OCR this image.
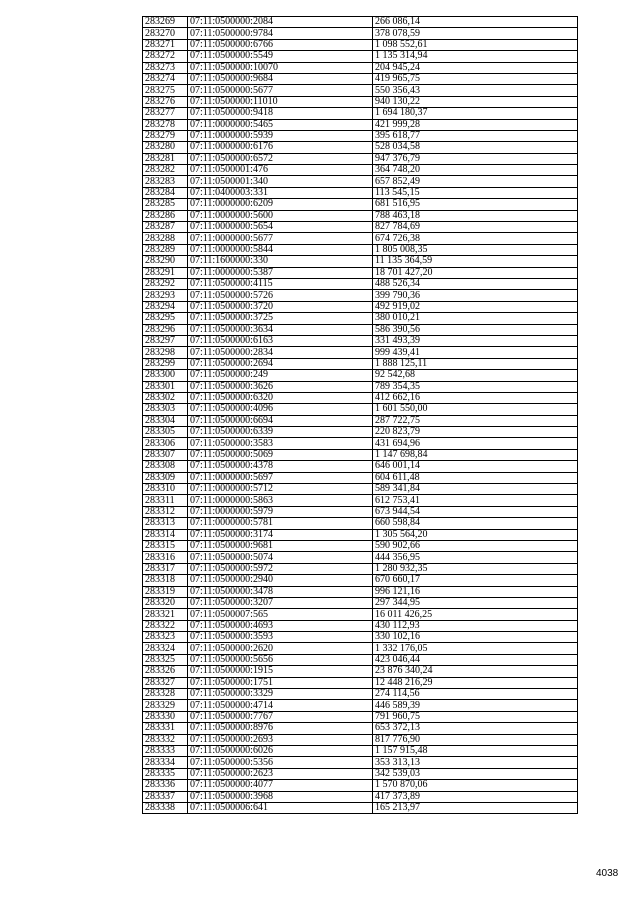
283269	07:11:0500000:2084	266 086,14
283270	07:11:0500000:9784	378 078,59
283271	07:11:0500000:6766	1 098 552,61
283272	07:11:0500000:5549	1 135 314,94
283273	07:11:0500000:10070	204 945,24
283274	07:11:0500000:9684	419 965,75
283275	07:11:0500000:5677	550 356,43
283276	07:11:0500000:11010	940 130,22
283277	07:11:0500000:9418	1 694 180,37
283278	07:11:0000000:5465	421 999,28
283279	07:11:0000000:5939	395 618,77
283280	07:11:0000000:6176	528 034,58
283281	07:11:0500000:6572	947 376,79
283282	07:11:0500001:476	364 748,20
283283	07:11:0500001:340	657 852,49
283284	07:11:0400003:331	113 545,15
283285	07:11:0000000:6209	681 516,95
283286	07:11:0000000:5600	788 463,18
283287	07:11:0000000:5654	827 784,69
283288	07:11:0000000:5677	674 726,38
283289	07:11:0000000:5844	1 805 008,35
283290	07:11:1600000:330	11 135 364,59
283291	07:11:0000000:5387	18 701 427,20
283292	07:11:0500000:4115	488 526,34
283293	07:11:0500000:5726	399 790,36
283294	07:11:0500000:3720	492 919,02
283295	07:11:0500000:3725	380 010,21
283296	07:11:0500000:3634	586 390,56
283297	07:11:0500000:6163	331 493,39
283298	07:11:0500000:2834	999 439,41
283299	07:11:0500000:2694	1 888 125,11
283300	07:11:0500000:249	92 542,68
283301	07:11:0500000:3626	789 354,35
283302	07:11:0500000:6320	412 662,16
283303	07:11:0500000:4096	1 601 550,00
283304	07:11:0500000:6694	287 722,75
283305	07:11:0500000:6339	220 823,79
283306	07:11:0500000:3583	431 694,96
283307	07:11:0500000:5069	1 147 698,84
283308	07:11:0500000:4378	646 001,14
283309	07:11:0000000:5697	604 611,48
283310	07:11:0000000:5712	589 341,84
283311	07:11:0000000:5863	612 753,41
283312	07:11:0000000:5979	673 944,54
283313	07:11:0000000:5781	660 598,84
283314	07:11:0500000:3174	1 305 564,20
283315	07:11:0500000:9681	590 902,66
283316	07:11:0500000:5074	444 356,95
283317	07:11:0500000:5972	1 280 932,35
283318	07:11:0500000:2940	670 660,17
283319	07:11:0500000:3478	996 121,16
283320	07:11:0500000:3207	297 344,95
283321	07:11:0500007:565	16 011 426,25
283322	07:11:0500000:4693	430 112,93
283323	07:11:0500000:3593	330 102,16
283324	07:11:0500000:2620	1 332 176,05
283325	07:11:0500000:5656	423 046,44
283326	07:11:0500000:1915	23 876 340,24
283327	07:11:0500000:1751	12 448 216,29
283328	07:11:0500000:3329	274 114,56
283329	07:11:0500000:4714	446 589,39
283330	07:11:0500000:7767	791 960,75
283331	07:11:0500000:8976	653 372,13
283332	07:11:0500000:2693	817 776,90
283333	07:11:0500000:6026	1 157 915,48
283334	07:11:0500000:5356	353 313,13
283335	07:11:0500000:2623	342 539,03
283336	07:11:0500000:4077	1 570 870,06
283337	07:11:0500000:3968	417 373,89
283338	07:11:0500006:641	165 213,97
4038
